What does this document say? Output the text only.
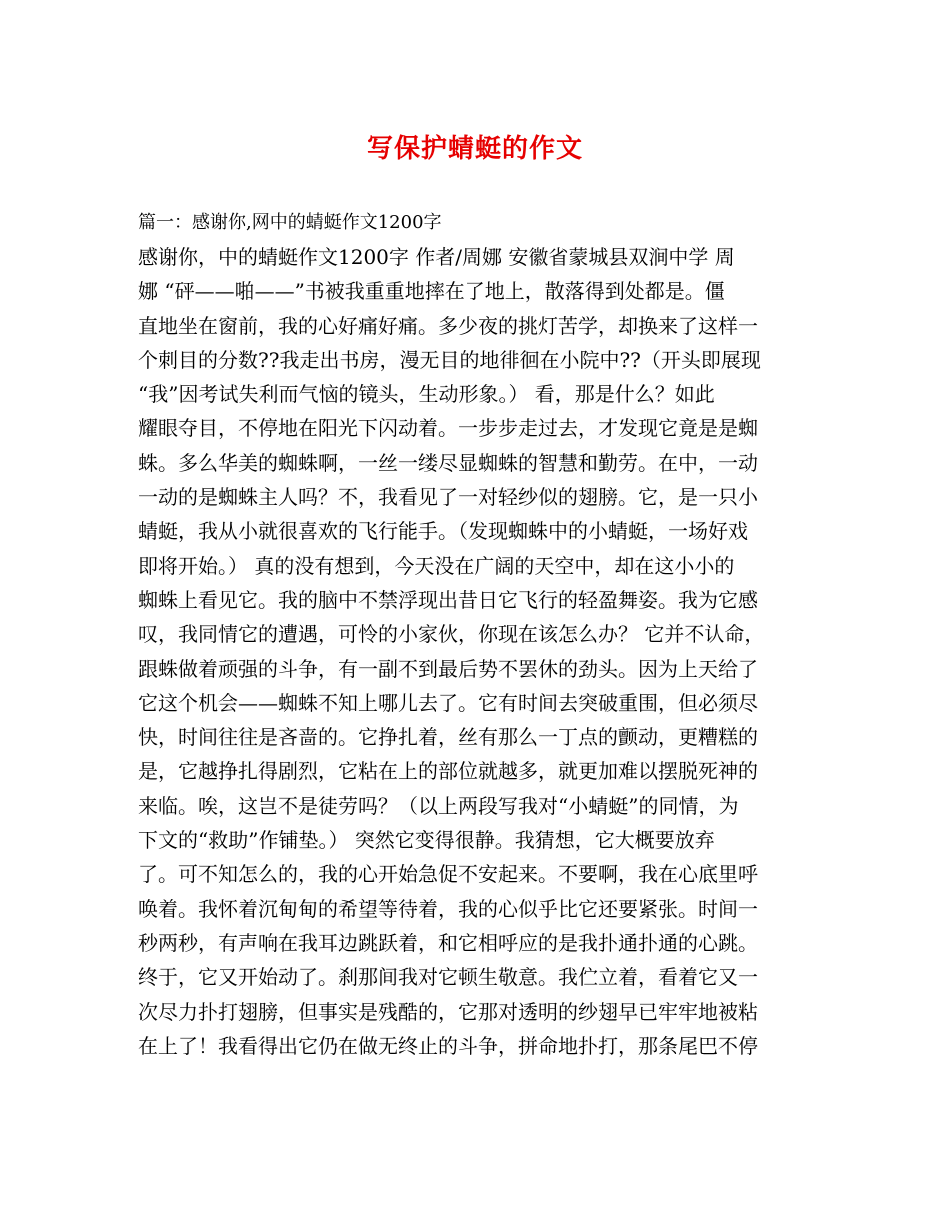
写保护蜻蜓的作文
篇一：感谢你,网中的蜻蜓作文1200字
感谢你，中的蜻蜓作文1200字 作者/周娜 安徽省蒙城县双涧中学 周
娜 “砰——啪——”书被我重重地摔在了地上，散落得到处都是。僵
直地坐在窗前，我的心好痛好痛。多少夜的挑灯苦学，却换来了这样一
个刺目的分数??我走出书房，漫无目的地徘徊在小院中??（开头即展现
“我”因考试失利而气恼的镜头，生动形象。） 看，那是什么？如此
耀眼夺目，不停地在阳光下闪动着。一步步走过去，才发现它竟是是蜘
蛛。多么华美的蜘蛛啊，一丝一缕尽显蜘蛛的智慧和勤劳。在中，一动
一动的是蜘蛛主人吗？不，我看见了一对轻纱似的翅膀。它，是一只小
蜻蜓，我从小就很喜欢的飞行能手。（发现蜘蛛中的小蜻蜓，一场好戏
即将开始。） 真的没有想到，今天没在广阔的天空中，却在这小小的
蜘蛛上看见它。我的脑中不禁浮现出昔日它飞行的轻盈舞姿。我为它感
叹，我同情它的遭遇，可怜的小家伙，你现在该怎么办？ 它并不认命，
跟蛛做着顽强的斗争，有一副不到最后势不罢休的劲头。因为上天给了
它这个机会——蜘蛛不知上哪儿去了。它有时间去突破重围，但必须尽
快，时间往往是吝啬的。它挣扎着，丝有那么一丁点的颤动，更糟糕的
是，它越挣扎得剧烈，它粘在上的部位就越多，就更加难以摆脱死神的
来临。唉，这岂不是徒劳吗？（以上两段写我对“小蜻蜓”的同情，为
下文的“救助”作铺垫。） 突然它变得很静。我猜想，它大概要放弃
了。可不知怎么的，我的心开始急促不安起来。不要啊，我在心底里呼
唤着。我怀着沉甸甸的希望等待着，我的心似乎比它还要紧张。时间一
秒两秒，有声响在我耳边跳跃着，和它相呼应的是我扑通扑通的心跳。
终于，它又开始动了。刹那间我对它顿生敬意。我伫立着，看着它又一
次尽力扑打翅膀，但事实是残酷的，它那对透明的纱翅早已牢牢地被粘
在上了！我看得出它仍在做无终止的斗争，拼命地扑打，那条尾巴不停
